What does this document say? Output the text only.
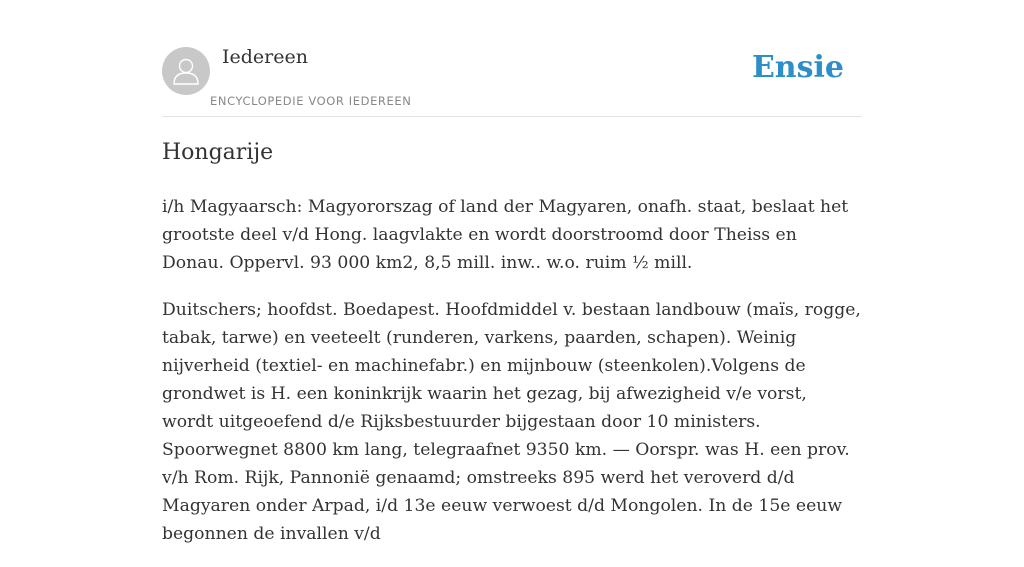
Iedereen
ENCYCLOPEDIE VOOR IEDEREEN
Ensie
Hongarije

i/h Magyaarsch: Magyororszag of land der Magyaren, onafh. staat, beslaat het grootste deel v/d Hong. laagvlakte en wordt doorstroomd door Theiss en Donau. Oppervl. 93 000 km2, 8,5 mill. inw.. w.o. ruim ½ mill.

Duitschers; hoofdst. Boedapest. Hoofdmiddel v. bestaan landbouw (maïs, rogge, tabak, tarwe) en veeteelt (runderen, varkens, paarden, schapen). Weinig nijverheid (textiel- en machinefabr.) en mijnbouw (steenkolen).Volgens de grondwet is H. een koninkrijk waarin het gezag, bij afwezigheid v/e vorst, wordt uitgeoefend d/e Rijksbestuurder bijgestaan door 10 ministers. Spoorwegnet 8800 km lang, telegraafnet 9350 km. — Oorspr. was H. een prov. v/h Rom. Rijk, Pannonië genaamd; omstreeks 895 werd het veroverd d/d Magyaren onder Arpad, i/d 13e eeuw verwoest d/d Mongolen. In de 15e eeuw begonnen de invallen v/d
